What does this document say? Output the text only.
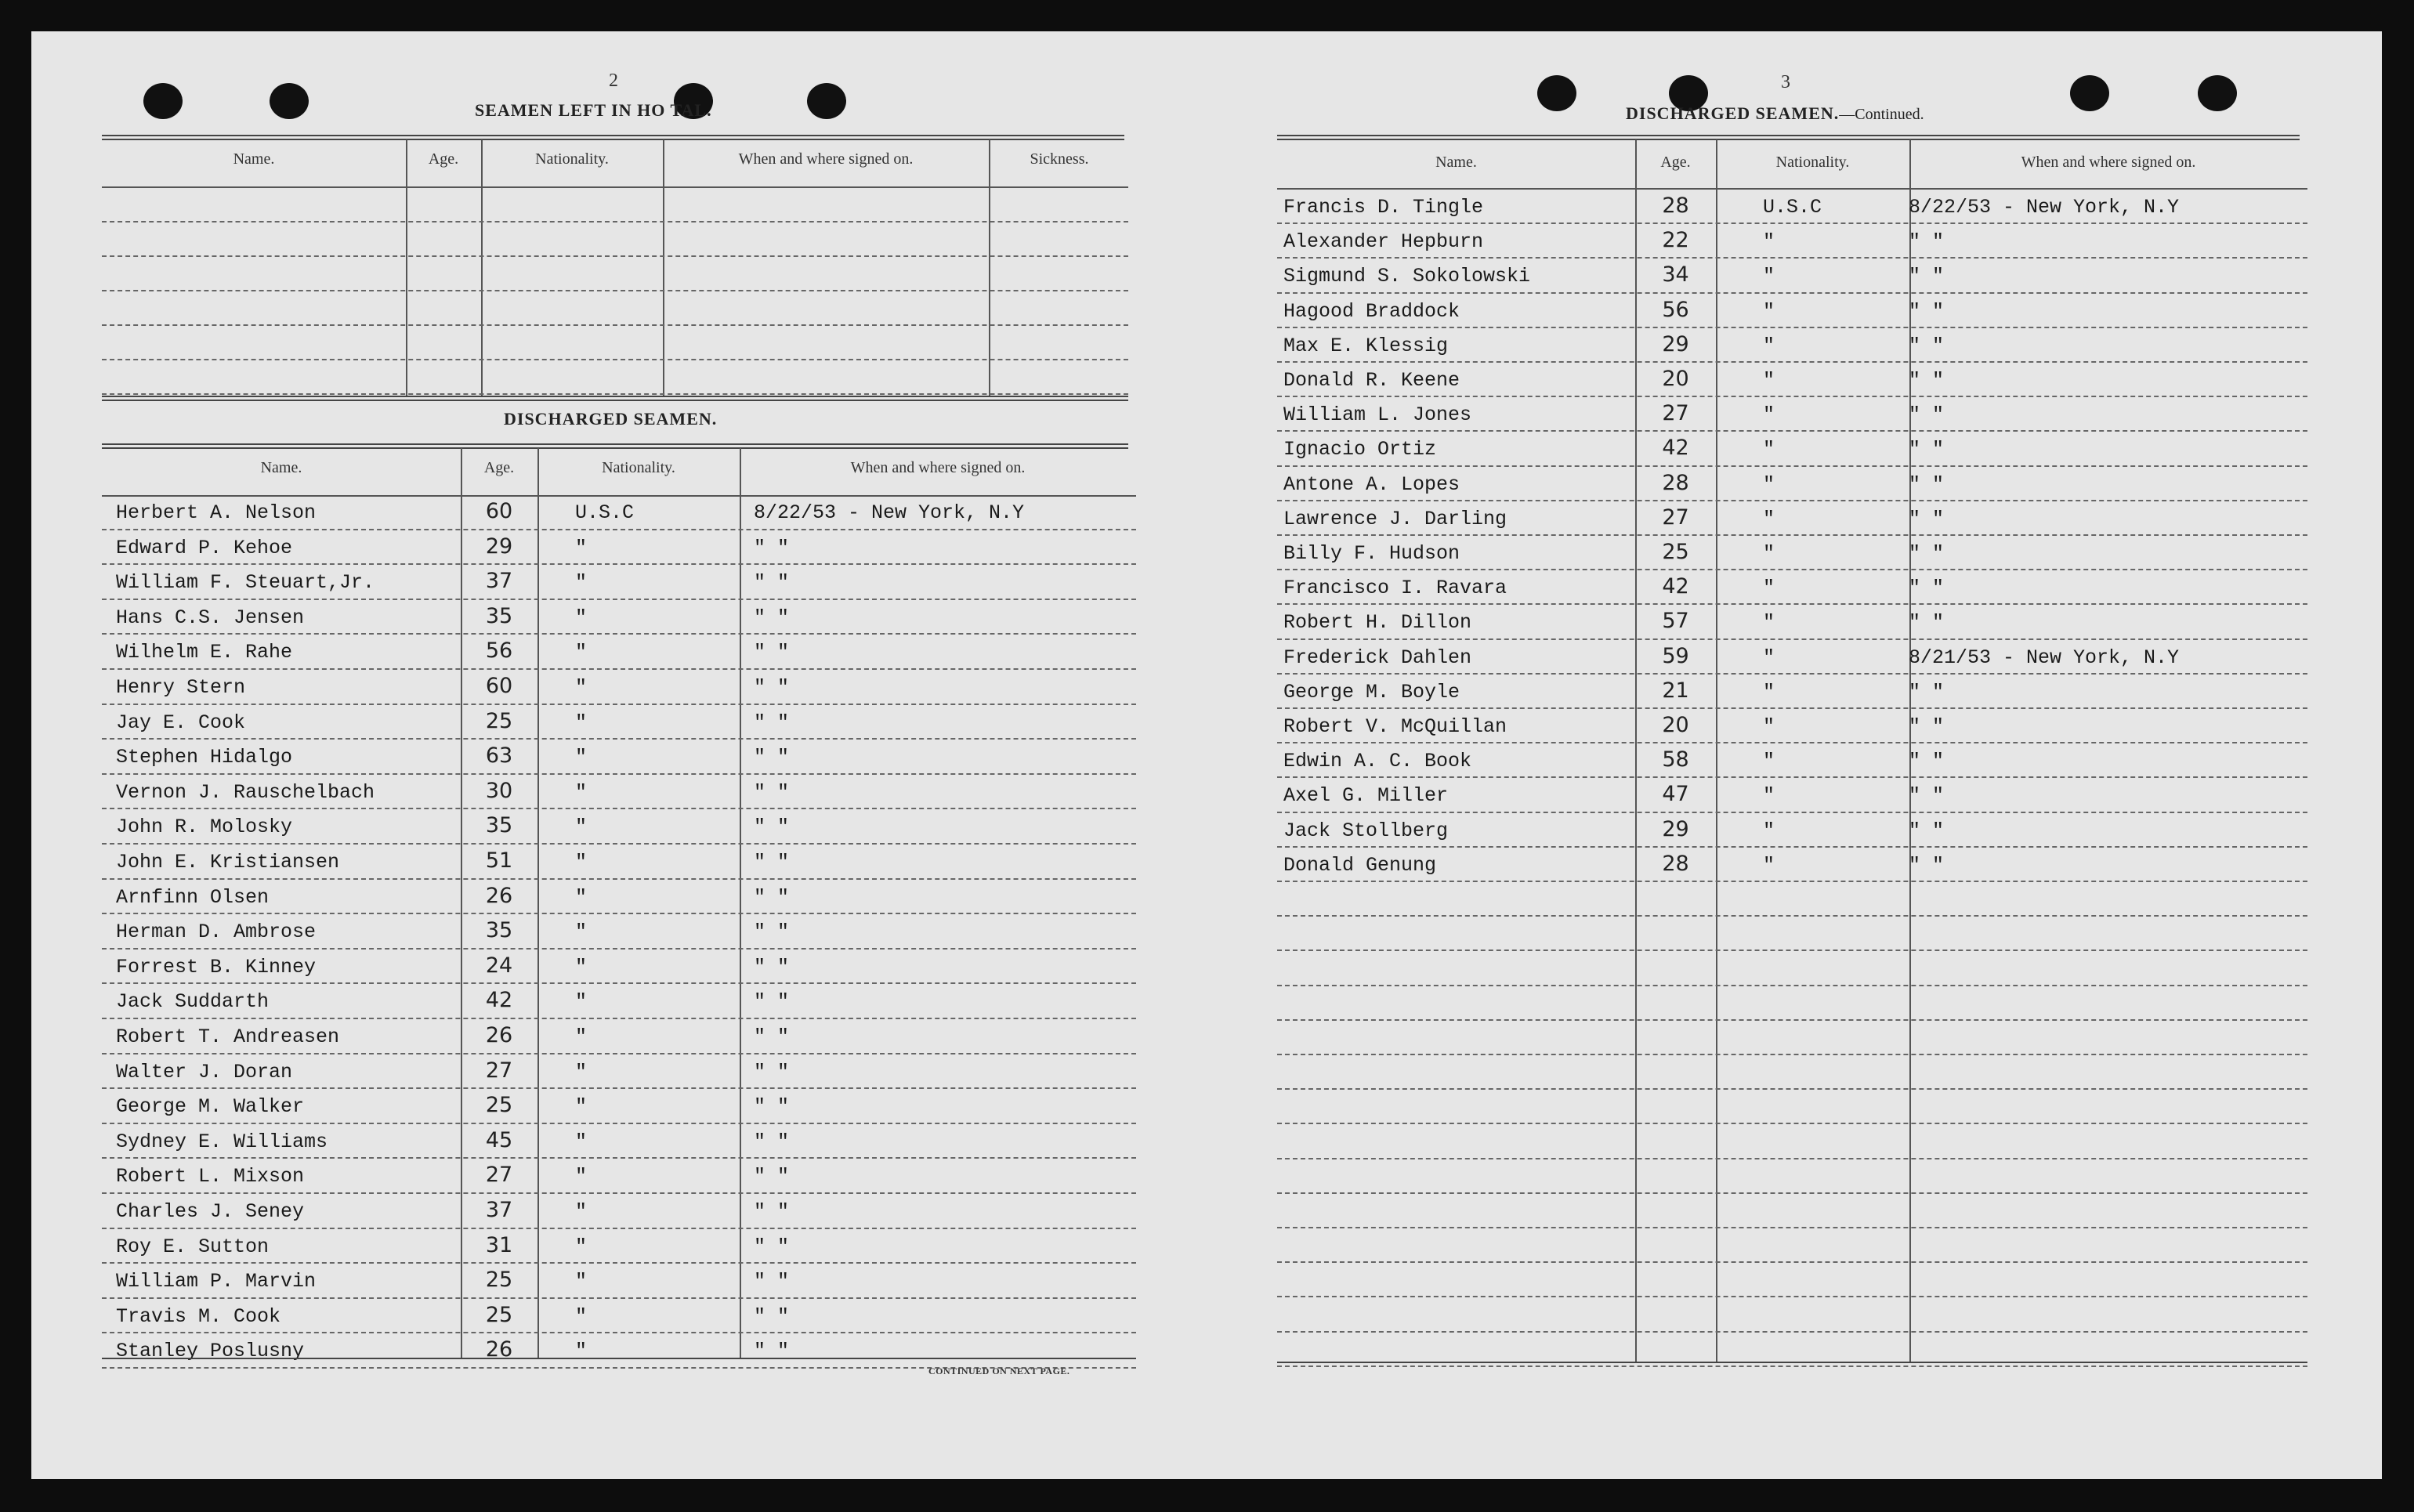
2
SEAMEN LEFT IN HO TAL.
Name.	Age.	Nationality.	When and where signed on.	Sickness.
DISCHARGED SEAMEN.
Name.	Age.	Nationality.	When and where signed on.
Herbert A. Nelson	60	U.S.C	8/22/53 - New York, N.Y
Edward P. Kehoe	29	"	" "
William F. Steuart,Jr.	37	"	" "
Hans C.S. Jensen	35	"	" "
Wilhelm E. Rahe	56	"	" "
Henry Stern	60	"	" "
Jay E. Cook	25	"	" "
Stephen Hidalgo	63	"	" "
Vernon J. Rauschelbach	30	"	" "
John R. Molosky	35	"	" "
John E. Kristiansen	51	"	" "
Arnfinn Olsen	26	"	" "
Herman D. Ambrose	35	"	" "
Forrest B. Kinney	24	"	" "
Jack Suddarth	42	"	" "
Robert T. Andreasen	26	"	" "
Walter J. Doran	27	"	" "
George M. Walker	25	"	" "
Sydney E. Williams	45	"	" "
Robert L. Mixson	27	"	" "
Charles J. Seney	37	"	" "
Roy E. Sutton	31	"	" "
William P. Marvin	25	"	" "
Travis M. Cook	25	"	" "
Stanley Poslusny	26	"	" "
CONTINUED ON NEXT PAGE.
3
DISCHARGED SEAMEN.—Continued.
Name.	Age.	Nationality.	When and where signed on.
Francis D. Tingle	28	U.S.C	8/22/53 - New York, N.Y
Alexander Hepburn	22	"	" "
Sigmund S. Sokolowski	34	"	" "
Hagood Braddock	56	"	" "
Max E. Klessig	29	"	" "
Donald R. Keene	20	"	" "
William L. Jones	27	"	" "
Ignacio Ortiz	42	"	" "
Antone A. Lopes	28	"	" "
Lawrence J. Darling	27	"	" "
Billy F. Hudson	25	"	" "
Francisco I. Ravara	42	"	" "
Robert H. Dillon	57	"	" "
Frederick Dahlen	59	"	8/21/53 - New York, N.Y
George M. Boyle	21	"	" "
Robert V. McQuillan	20	"	" "
Edwin A. C. Book	58	"	" "
Axel G. Miller	47	"	" "
Jack Stollberg	29	"	" "
Donald Genung	28	"	" "
